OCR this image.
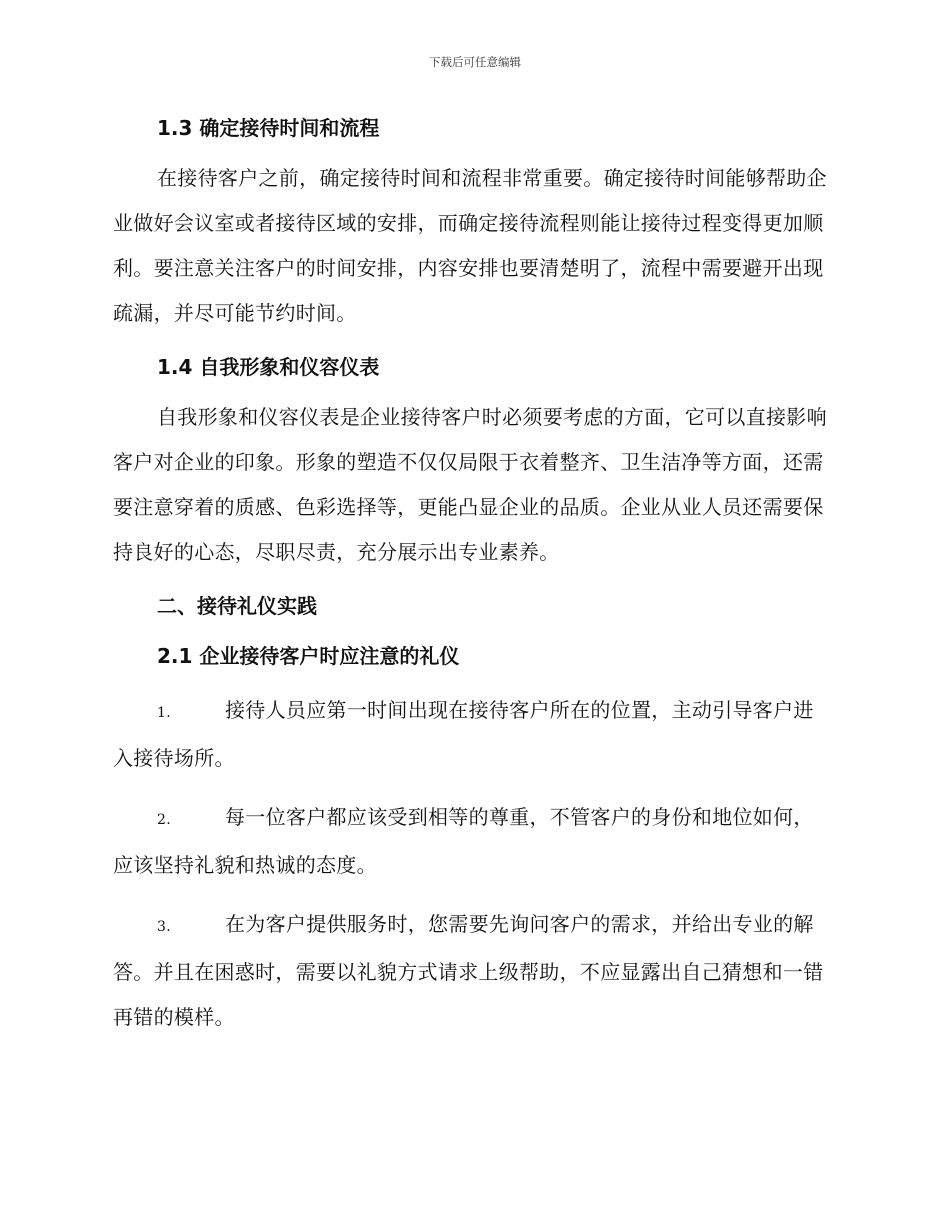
下载后可任意编辑
1.3 确定接待时间和流程

在接待客户之前，确定接待时间和流程非常重要。确定接待时间能够帮助企业做好会议室或者接待区域的安排，而确定接待流程则能让接待过程变得更加顺利。要注意关注客户的时间安排，内容安排也要清楚明了，流程中需要避开出现疏漏，并尽可能节约时间。

1.4 自我形象和仪容仪表

自我形象和仪容仪表是企业接待客户时必须要考虑的方面，它可以直接影响客户对企业的印象。形象的塑造不仅仅局限于衣着整齐、卫生洁净等方面，还需要注意穿着的质感、色彩选择等，更能凸显企业的品质。企业从业人员还需要保持良好的心态，尽职尽责，充分展示出专业素养。

二、接待礼仪实践
2.1 企业接待客户时应注意的礼仪
1.	接待人员应第一时间出现在接待客户所在的位置，主动引导客户进入接待场所。
2.	每一位客户都应该受到相等的尊重，不管客户的身份和地位如何，应该坚持礼貌和热诚的态度。
3.	在为客户提供服务时，您需要先询问客户的需求，并给出专业的解答。并且在困惑时，需要以礼貌方式请求上级帮助，不应显露出自己猜想和一错再错的模样。
